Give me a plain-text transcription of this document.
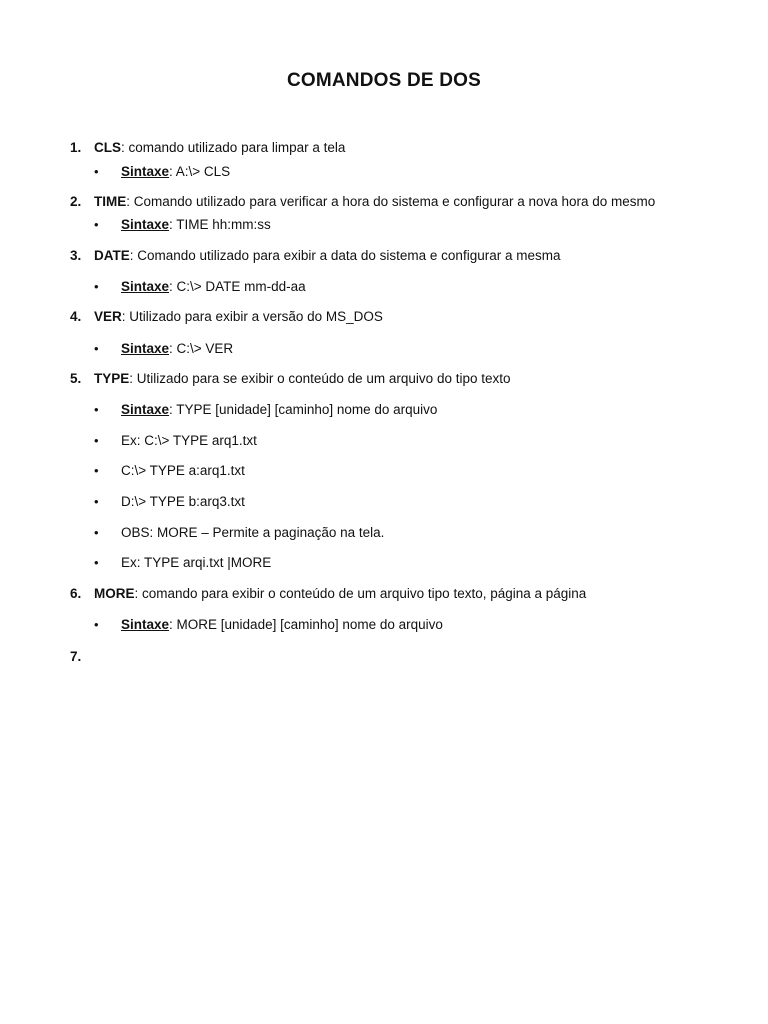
COMANDOS DE DOS
1. CLS: comando utilizado para limpar a tela
• Sintaxe: A:\> CLS
2. TIME: Comando utilizado para verificar a hora do sistema e configurar a nova hora do mesmo
• Sintaxe: TIME hh:mm:ss
3. DATE: Comando utilizado para exibir a data do sistema e configurar a mesma
• Sintaxe: C:\> DATE mm-dd-aa
4. VER: Utilizado para exibir a versão do MS_DOS
• Sintaxe: C:\> VER
5. TYPE: Utilizado para se exibir o conteúdo de um arquivo do tipo texto
• Sintaxe: TYPE [unidade] [caminho] nome do arquivo
• Ex: C:\> TYPE arq1.txt
• C:\> TYPE a:arq1.txt
• D:\> TYPE b:arq3.txt
• OBS: MORE – Permite a paginação na tela.
• Ex: TYPE arqi.txt |MORE
6. MORE: comando para exibir o conteúdo de um arquivo tipo texto, página a página
• Sintaxe: MORE [unidade] [caminho] nome do arquivo
7.
